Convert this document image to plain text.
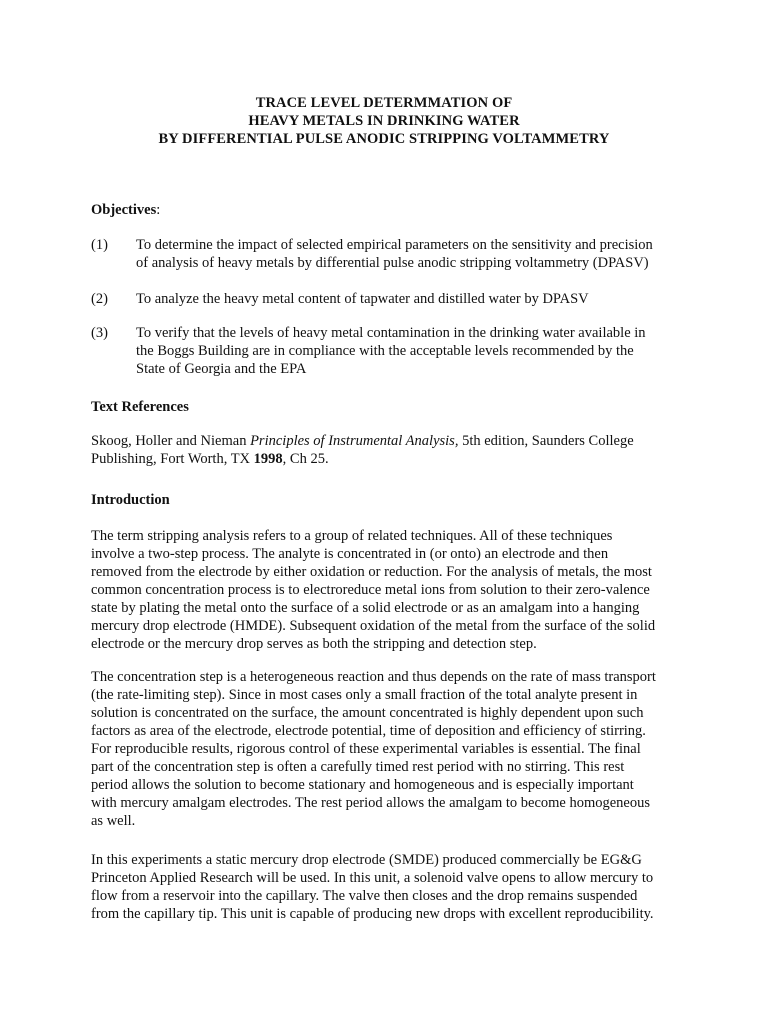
TRACE LEVEL DETERMMATION OF
HEAVY METALS IN DRINKING WATER
BY DIFFERENTIAL PULSE ANODIC STRIPPING VOLTAMMETRY
Objectives:
(1) To determine the impact of selected empirical parameters on the sensitivity and precision
of analysis of heavy metals by differential pulse anodic stripping voltammetry (DPASV)
(2) To analyze the heavy metal content of tapwater and distilled water by DPASV
(3) To verify that the levels of heavy metal contamination in the drinking water available in
the Boggs Building are in compliance with the acceptable levels recommended by the
State of Georgia and the EPA
Text References
Skoog, Holler and Nieman Principles of Instrumental Analysis, 5th edition, Saunders College
Publishing, Fort Worth, TX 1998, Ch 25.
Introduction
The term stripping analysis refers to a group of related techniques. All of these techniques
involve a two-step process. The analyte is concentrated in (or onto) an electrode and then
removed from the electrode by either oxidation or reduction. For the analysis of metals, the most
common concentration process is to electroreduce metal ions from solution to their zero-valence
state by plating the metal onto the surface of a solid electrode or as an amalgam into a hanging
mercury drop electrode (HMDE). Subsequent oxidation of the metal from the surface of the solid
electrode or the mercury drop serves as both the stripping and detection step.
The concentration step is a heterogeneous reaction and thus depends on the rate of mass transport
(the rate-limiting step). Since in most cases only a small fraction of the total analyte present in
solution is concentrated on the surface, the amount concentrated is highly dependent upon such
factors as area of the electrode, electrode potential, time of deposition and efficiency of stirring.
For reproducible results, rigorous control of these experimental variables is essential. The final
part of the concentration step is often a carefully timed rest period with no stirring. This rest
period allows the solution to become stationary and homogeneous and is especially important
with mercury amalgam electrodes. The rest period allows the amalgam to become homogeneous
as well.
In this experiments a static mercury drop electrode (SMDE) produced commercially be EG&G
Princeton Applied Research will be used. In this unit, a solenoid valve opens to allow mercury to
flow from a reservoir into the capillary. The valve then closes and the drop remains suspended
from the capillary tip. This unit is capable of producing new drops with excellent reproducibility.
